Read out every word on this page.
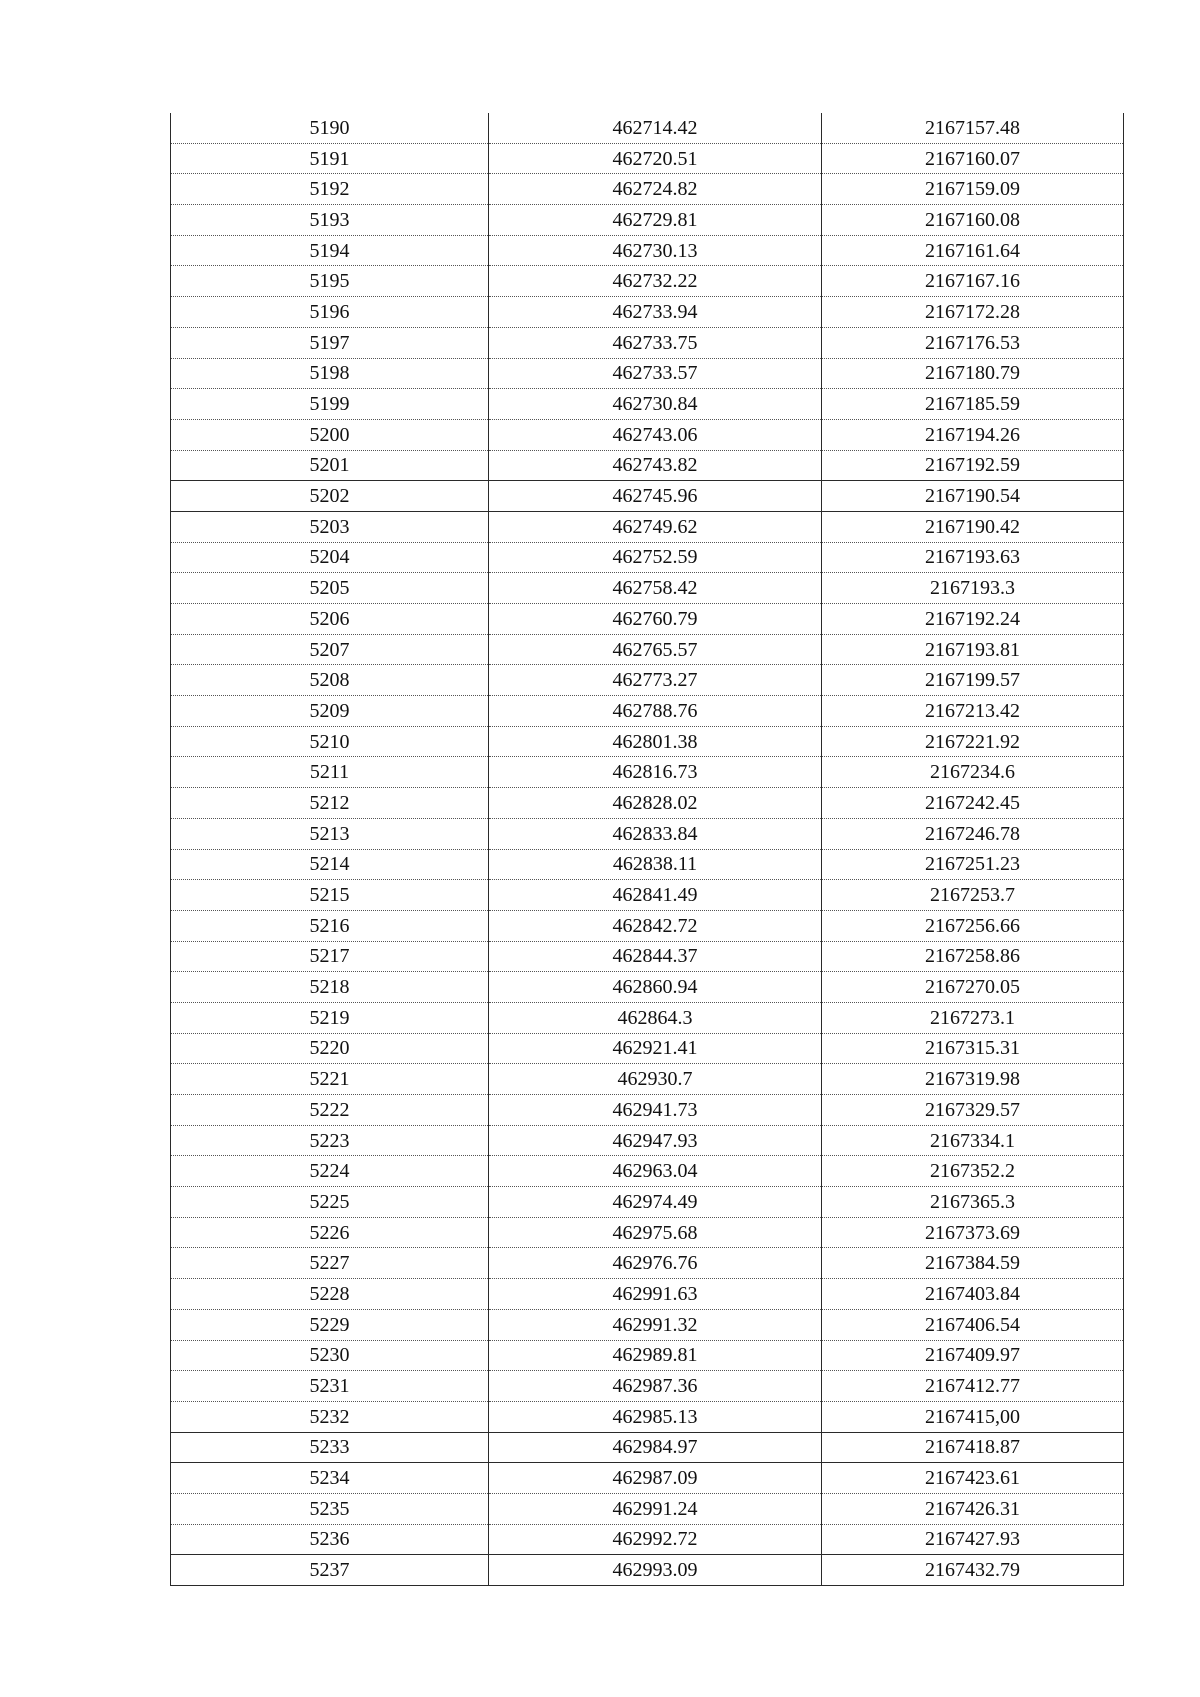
5190	462714.42	2167157.48
5191	462720.51	2167160.07
5192	462724.82	2167159.09
5193	462729.81	2167160.08
5194	462730.13	2167161.64
5195	462732.22	2167167.16
5196	462733.94	2167172.28
5197	462733.75	2167176.53
5198	462733.57	2167180.79
5199	462730.84	2167185.59
5200	462743.06	2167194.26
5201	462743.82	2167192.59
5202	462745.96	2167190.54
5203	462749.62	2167190.42
5204	462752.59	2167193.63
5205	462758.42	2167193.3
5206	462760.79	2167192.24
5207	462765.57	2167193.81
5208	462773.27	2167199.57
5209	462788.76	2167213.42
5210	462801.38	2167221.92
5211	462816.73	2167234.6
5212	462828.02	2167242.45
5213	462833.84	2167246.78
5214	462838.11	2167251.23
5215	462841.49	2167253.7
5216	462842.72	2167256.66
5217	462844.37	2167258.86
5218	462860.94	2167270.05
5219	462864.3	2167273.1
5220	462921.41	2167315.31
5221	462930.7	2167319.98
5222	462941.73	2167329.57
5223	462947.93	2167334.1
5224	462963.04	2167352.2
5225	462974.49	2167365.3
5226	462975.68	2167373.69
5227	462976.76	2167384.59
5228	462991.63	2167403.84
5229	462991.32	2167406.54
5230	462989.81	2167409.97
5231	462987.36	2167412.77
5232	462985.13	2167415,00
5233	462984.97	2167418.87
5234	462987.09	2167423.61
5235	462991.24	2167426.31
5236	462992.72	2167427.93
5237	462993.09	2167432.79
